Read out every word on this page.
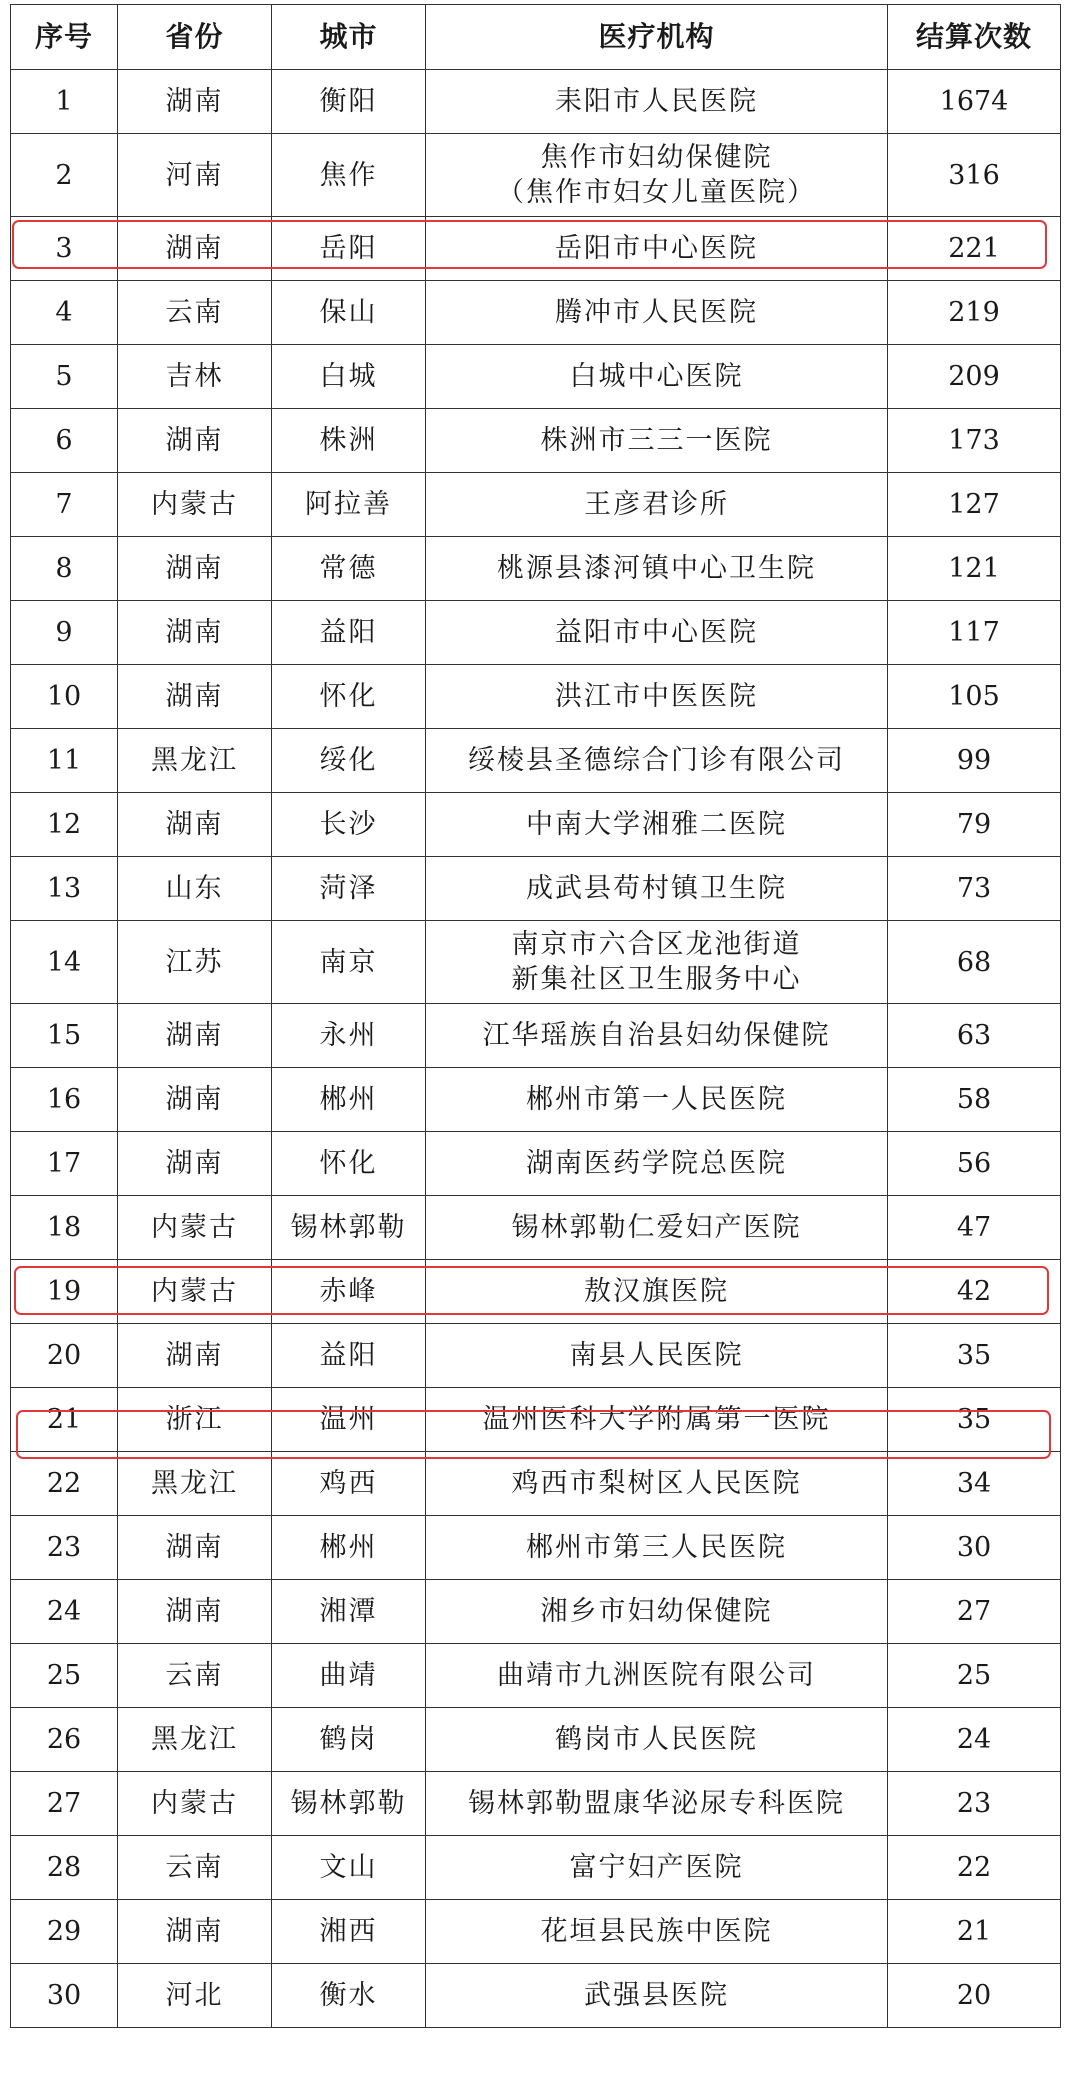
序号	省份	城市	医疗机构	结算次数
1	湖南	衡阳	耒阳市人民医院	1674
2	河南	焦作	焦作市妇幼保健院
（焦作市妇女儿童医院）	316
3	湖南	岳阳	岳阳市中心医院	221
4	云南	保山	腾冲市人民医院	219
5	吉林	白城	白城中心医院	209
6	湖南	株洲	株洲市三三一医院	173
7	内蒙古	阿拉善	王彦君诊所	127
8	湖南	常德	桃源县漆河镇中心卫生院	121
9	湖南	益阳	益阳市中心医院	117
10	湖南	怀化	洪江市中医医院	105
11	黑龙江	绥化	绥棱县圣德综合门诊有限公司	99
12	湖南	长沙	中南大学湘雅二医院	79
13	山东	菏泽	成武县苟村镇卫生院	73
14	江苏	南京	南京市六合区龙池街道
新集社区卫生服务中心	68
15	湖南	永州	江华瑶族自治县妇幼保健院	63
16	湖南	郴州	郴州市第一人民医院	58
17	湖南	怀化	湖南医药学院总医院	56
18	内蒙古	锡林郭勒	锡林郭勒仁爱妇产医院	47
19	内蒙古	赤峰	敖汉旗医院	42
20	湖南	益阳	南县人民医院	35
21	浙江	温州	温州医科大学附属第一医院	35
22	黑龙江	鸡西	鸡西市梨树区人民医院	34
23	湖南	郴州	郴州市第三人民医院	30
24	湖南	湘潭	湘乡市妇幼保健院	27
25	云南	曲靖	曲靖市九洲医院有限公司	25
26	黑龙江	鹤岗	鹤岗市人民医院	24
27	内蒙古	锡林郭勒	锡林郭勒盟康华泌尿专科医院	23
28	云南	文山	富宁妇产医院	22
29	湖南	湘西	花垣县民族中医院	21
30	河北	衡水	武强县医院	20
